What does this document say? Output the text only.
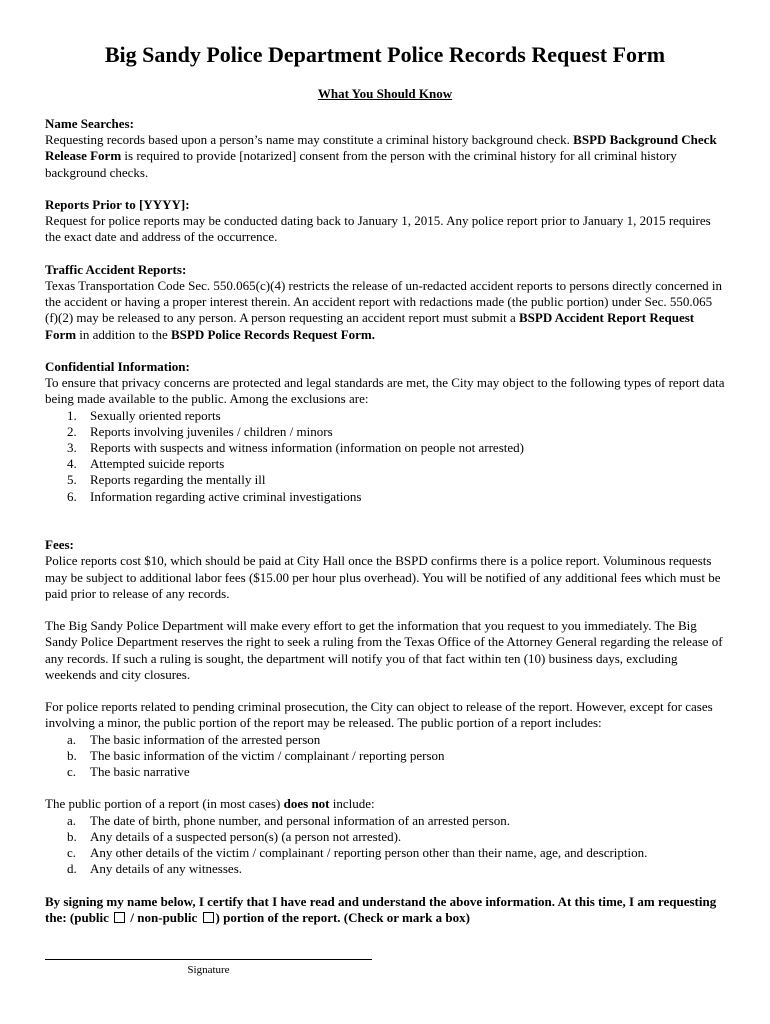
Big Sandy Police Department Police Records Request Form
What You Should Know

Name Searches:

Requesting records based upon a person’s name may constitute a criminal history background check. BSPD Background Check Release Form is required to provide [notarized] consent from the person with the criminal history for all criminal history background checks.

Reports Prior to [YYYY]:

Request for police reports may be conducted dating back to January 1, 2015. Any police report prior to January 1, 2015 requires the exact date and address of the occurrence.

Traffic Accident Reports:

Texas Transportation Code Sec. 550.065(c)(4) restricts the release of un-redacted accident reports to persons directly concerned in the accident or having a proper interest therein. An accident report with redactions made (the public portion) under Sec. 550.065 (f)(2) may be released to any person. A person requesting an accident report must submit a BSPD Accident Report Request Form in addition to the BSPD Police Records Request Form.

Confidential Information:

To ensure that privacy concerns are protected and legal standards are met, the City may object to the following types of report data being made available to the public. Among the exclusions are:

1.	Sexually oriented reports
2.	Reports involving juveniles / children / minors
3.	Reports with suspects and witness information (information on people not arrested)
4.	Attempted suicide reports
5.	Reports regarding the mentally ill
6.	Information regarding active criminal investigations

Fees:

Police reports cost $10, which should be paid at City Hall once the BSPD confirms there is a police report. Voluminous requests may be subject to additional labor fees ($15.00 per hour plus overhead). You will be notified of any additional fees which must be paid prior to release of any records.

The Big Sandy Police Department will make every effort to get the information that you request to you immediately. The Big Sandy Police Department reserves the right to seek a ruling from the Texas Office of the Attorney General regarding the release of any records. If such a ruling is sought, the department will notify you of that fact within ten (10) business days, excluding weekends and city closures.

For police reports related to pending criminal prosecution, the City can object to release of the report. However, except for cases involving a minor, the public portion of the report may be released. The public portion of a report includes:

a.	The basic information of the arrested person
b.	The basic information of the victim / complainant / reporting person
c.	The basic narrative

The public portion of a report (in most cases) does not include:

a.	The date of birth, phone number, and personal information of an arrested person.
b.	Any details of a suspected person(s) (a person not arrested).
c.	Any other details of the victim / complainant / reporting person other than their name, age, and description.
d.	Any details of any witnesses.

By signing my name below, I certify that I have read and understand the above information. At this time, I am requesting the: (public  / non-public ) portion of the report. (Check or mark a box)

Signature
